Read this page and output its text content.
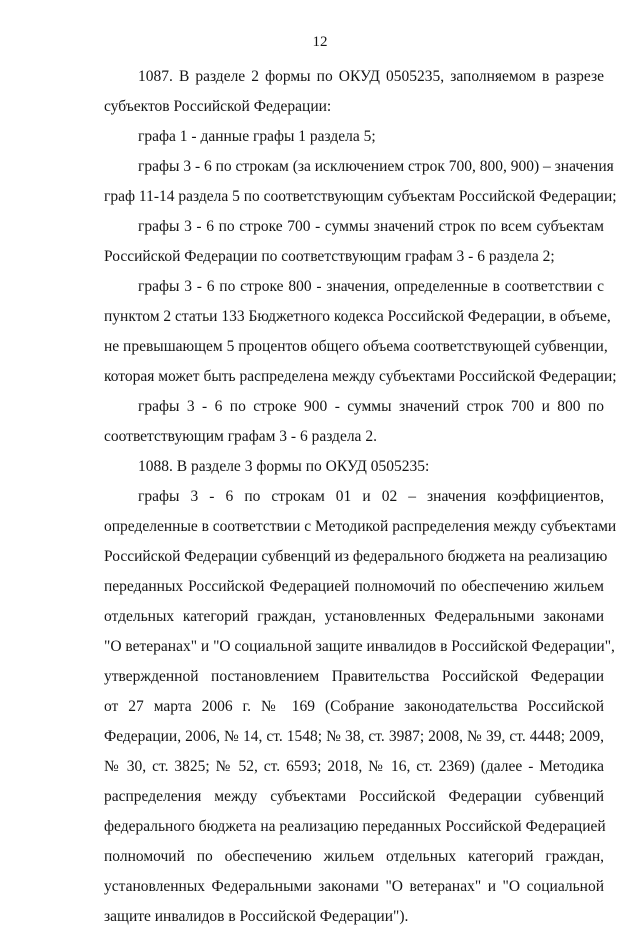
12
1087. В разделе 2 формы по ОКУД 0505235, заполняемом в разрезе
субъектов Российской Федерации:
графа 1 - данные графы 1 раздела 5;
графы 3 - 6 по строкам (за исключением строк 700, 800, 900) – значения
граф 11-14 раздела 5 по соответствующим субъектам Российской Федерации;
графы 3 - 6 по строке 700 - суммы значений строк по всем субъектам
Российской Федерации по соответствующим графам 3 - 6 раздела 2;
графы 3 - 6 по строке 800 - значения, определенные в соответствии с
пунктом 2 статьи 133 Бюджетного кодекса Российской Федерации, в объеме,
не превышающем 5 процентов общего объема соответствующей субвенции,
которая может быть распределена между субъектами Российской Федерации;
графы 3 - 6 по строке 900 - суммы значений строк 700 и 800 по
соответствующим графам 3 - 6 раздела 2.
1088. В разделе 3 формы по ОКУД 0505235:
графы 3 - 6 по строкам 01 и 02 – значения коэффициентов,
определенные в соответствии с Методикой распределения между субъектами
Российской Федерации субвенций из федерального бюджета на реализацию
переданных Российской Федерацией полномочий по обеспечению жильем
отдельных категорий граждан, установленных Федеральными законами
"О ветеранах" и "О социальной защите инвалидов в Российской Федерации",
утвержденной постановлением Правительства Российской Федерации
от 27 марта 2006 г. № 169 (Собрание законодательства Российской
Федерации, 2006, № 14, ст. 1548; № 38, ст. 3987; 2008, № 39, ст. 4448; 2009,
№ 30, ст. 3825; № 52, ст. 6593; 2018, № 16, ст. 2369) (далее - Методика
распределения между субъектами Российской Федерации субвенций
федерального бюджета на реализацию переданных Российской Федерацией
полномочий по обеспечению жильем отдельных категорий граждан,
установленных Федеральными законами "О ветеранах" и "О социальной
защите инвалидов в Российской Федерации").
